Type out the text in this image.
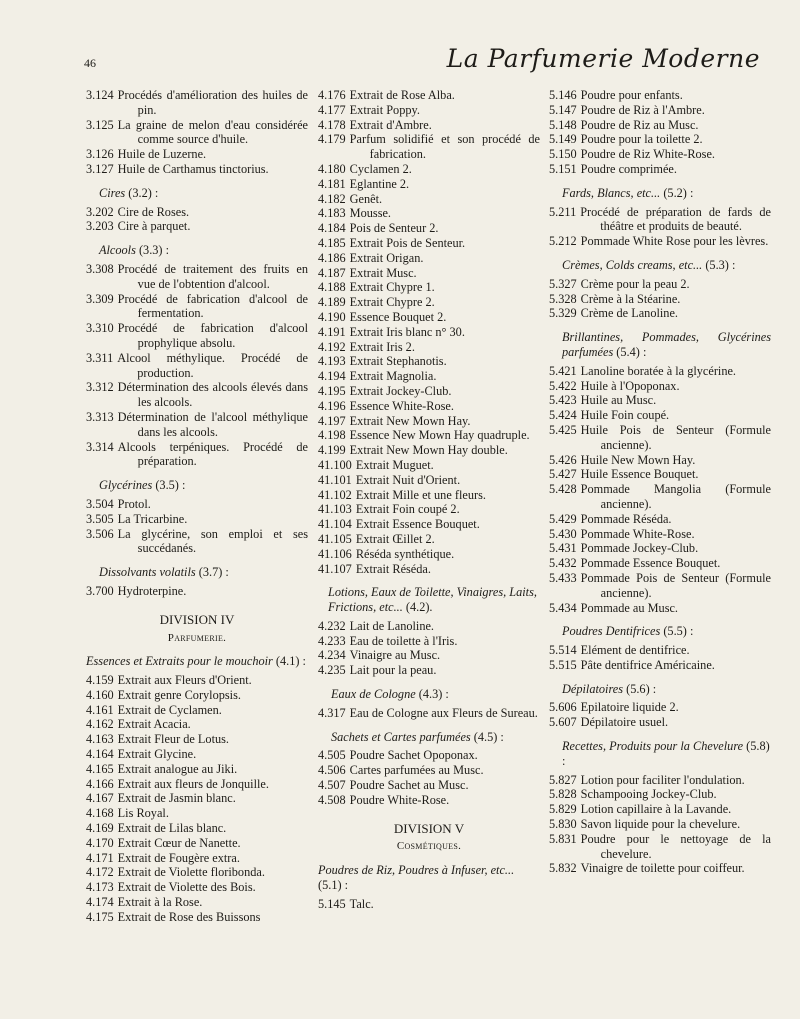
46	La Parfumerie Moderne
3.124 Procédés d'amélioration des huiles de pin.
3.125 La graine de melon d'eau considérée comme source d'huile.
3.126 Huile de Luzerne.
3.127 Huile de Carthamus tinctorius.
Cires (3.2) :
3.202 Cire de Roses.
3.203 Cire à parquet.
Alcools (3.3) :
3.308 Procédé de traitement des fruits en vue de l'obtention d'alcool.
3.309 Procédé de fabrication d'alcool de fermentation.
3.310 Procédé de fabrication d'alcool prophylique absolu.
3.311 Alcool méthylique. Procédé de production.
3.312 Détermination des alcools élevés dans les alcools.
3.313 Détermination de l'alcool méthylique dans les alcools.
3.314 Alcools terpéniques. Procédé de préparation.
Glycérines (3.5) :
3.504 Protol.
3.505 La Tricarbine.
3.506 La glycérine, son emploi et ses succédanés.
Dissolvants volatils (3.7) :
3.700 Hydroterpine.
DIVISION IV
Parfumerie.
Essences et Extraits pour le mouchoir (4.1) :
4.159 Extrait aux Fleurs d'Orient.
4.160 Extrait genre Corylopsis.
4.161 Extrait de Cyclamen.
4.162 Extrait Acacia.
4.163 Extrait Fleur de Lotus.
4.164 Extrait Glycine.
4.165 Extrait analogue au Jiki.
4.166 Extrait aux fleurs de Jonquille.
4.167 Extrait de Jasmin blanc.
4.168 Lis Royal.
4.169 Extrait de Lilas blanc.
4.170 Extrait Cœur de Nanette.
4.171 Extrait de Fougère extra.
4.172 Extrait de Violette floribonda.
4.173 Extrait de Violette des Bois.
4.174 Extrait à la Rose.
4.175 Extrait de Rose des Buissons
4.176 Extrait de Rose Alba.
4.177 Extrait Poppy.
4.178 Extrait d'Ambre.
4.179 Parfum solidifié et son procédé de fabrication.
4.180 Cyclamen 2.
4.181 Eglantine 2.
4.182 Genêt.
4.183 Mousse.
4.184 Pois de Senteur 2.
4.185 Extrait Pois de Senteur.
4.186 Extrait Origan.
4.187 Extrait Musc.
4.188 Extrait Chypre 1.
4.189 Extrait Chypre 2.
4.190 Essence Bouquet 2.
4.191 Extrait Iris blanc n° 30.
4.192 Extrait Iris 2.
4.193 Extrait Stephanotis.
4.194 Extrait Magnolia.
4.195 Extrait Jockey-Club.
4.196 Essence White-Rose.
4.197 Extrait New Mown Hay.
4.198 Essence New Mown Hay quadruple.
4.199 Extrait New Mown Hay double.
41.100 Extrait Muguet.
41.101 Extrait Nuit d'Orient.
41.102 Extrait Mille et une fleurs.
41.103 Extrait Foin coupé 2.
41.104 Extrait Essence Bouquet.
41.105 Extrait Œillet 2.
41.106 Réséda synthétique.
41.107 Extrait Réséda.
Lotions, Eaux de Toilette, Vinaigres, Laits, Frictions, etc... (4.2).
4.232 Lait de Lanoline.
4.233 Eau de toilette à l'Iris.
4.234 Vinaigre au Musc.
4.235 Lait pour la peau.
Eaux de Cologne (4.3) :
4.317 Eau de Cologne aux Fleurs de Sureau.
Sachets et Cartes parfumées (4.5) :
4.505 Poudre Sachet Opoponax.
4.506 Cartes parfumées au Musc.
4.507 Poudre Sachet au Musc.
4.508 Poudre White-Rose.
DIVISION V
Cosmétiques.
Poudres de Riz, Poudres à Infuser, etc... (5.1) :
5.145 Talc.
5.146 Poudre pour enfants.
5.147 Poudre de Riz à l'Ambre.
5.148 Poudre de Riz au Musc.
5.149 Poudre pour la toilette 2.
5.150 Poudre de Riz White-Rose.
5.151 Poudre comprimée.
Fards, Blancs, etc... (5.2) :
5.211 Procédé de préparation de fards de théâtre et produits de beauté.
5.212 Pommade White Rose pour les lèvres.
Crèmes, Colds creams, etc... (5.3) :
5.327 Crème pour la peau 2.
5.328 Crème à la Stéarine.
5.329 Crème de Lanoline.
Brillantines, Pommades, Glycérines parfumées (5.4) :
5.421 Lanoline boratée à la glycérine.
5.422 Huile à l'Opoponax.
5.423 Huile au Musc.
5.424 Huile Foin coupé.
5.425 Huile Pois de Senteur (Formule ancienne).
5.426 Huile New Mown Hay.
5.427 Huile Essence Bouquet.
5.428 Pommade Mangolia (Formule ancienne).
5.429 Pommade Réséda.
5.430 Pommade White-Rose.
5.431 Pommade Jockey-Club.
5.432 Pommade Essence Bouquet.
5.433 Pommade Pois de Senteur (Formule ancienne).
5.434 Pommade au Musc.
Poudres Dentifrices (5.5) :
5.514 Elément de dentifrice.
5.515 Pâte dentifrice Américaine.
Dépilatoires (5.6) :
5.606 Epilatoire liquide 2.
5.607 Dépilatoire usuel.
Recettes, Produits pour la Chevelure (5.8) :
5.827 Lotion pour faciliter l'ondulation.
5.828 Schampooing Jockey-Club.
5.829 Lotion capillaire à la Lavande.
5.830 Savon liquide pour la chevelure.
5.831 Poudre pour le nettoyage de la chevelure.
5.832 Vinaigre de toilette pour coiffeur.
